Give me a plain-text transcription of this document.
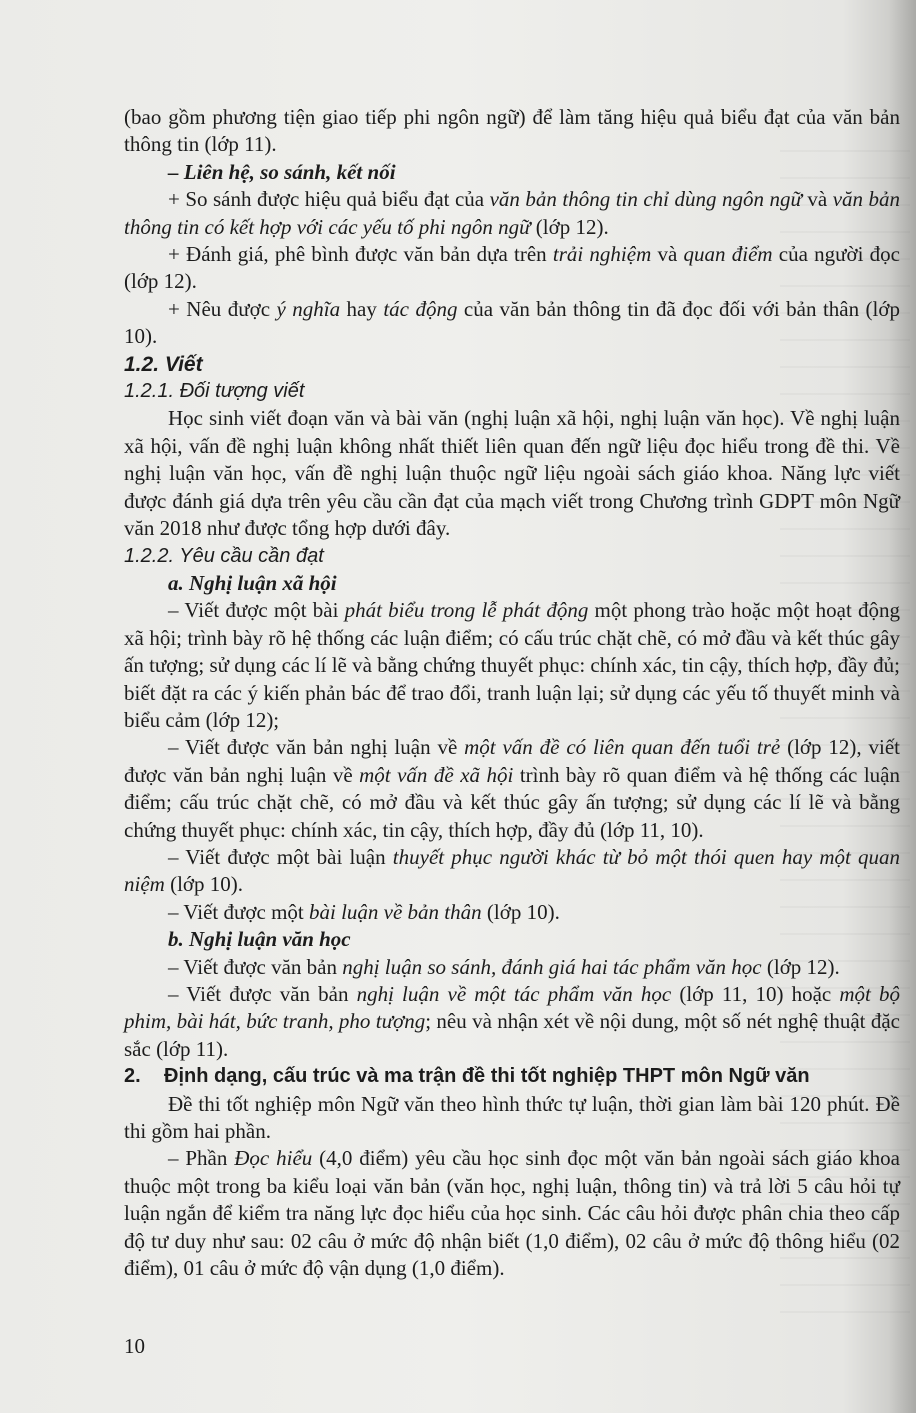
(bao gồm phương tiện giao tiếp phi ngôn ngữ) để làm tăng hiệu quả biểu đạt của văn bản thông tin (lớp 11).

– Liên hệ, so sánh, kết nối

+ So sánh được hiệu quả biểu đạt của văn bản thông tin chỉ dùng ngôn ngữ và văn bản thông tin có kết hợp với các yếu tố phi ngôn ngữ (lớp 12).

+ Đánh giá, phê bình được văn bản dựa trên trải nghiệm và quan điểm của người đọc (lớp 12).

+ Nêu được ý nghĩa hay tác động của văn bản thông tin đã đọc đối với bản thân (lớp 10).

1.2. Viết

1.2.1. Đối tượng viết

Học sinh viết đoạn văn và bài văn (nghị luận xã hội, nghị luận văn học). Về nghị luận xã hội, vấn đề nghị luận không nhất thiết liên quan đến ngữ liệu đọc hiểu trong đề thi. Về nghị luận văn học, vấn đề nghị luận thuộc ngữ liệu ngoài sách giáo khoa. Năng lực viết được đánh giá dựa trên yêu cầu cần đạt của mạch viết trong Chương trình GDPT môn Ngữ văn 2018 như được tổng hợp dưới đây.

1.2.2. Yêu cầu cần đạt

a. Nghị luận xã hội

– Viết được một bài phát biểu trong lễ phát động một phong trào hoặc một hoạt động xã hội; trình bày rõ hệ thống các luận điểm; có cấu trúc chặt chẽ, có mở đầu và kết thúc gây ấn tượng; sử dụng các lí lẽ và bằng chứng thuyết phục: chính xác, tin cậy, thích hợp, đầy đủ; biết đặt ra các ý kiến phản bác để trao đổi, tranh luận lại; sử dụng các yếu tố thuyết minh và biểu cảm (lớp 12);

– Viết được văn bản nghị luận về một vấn đề có liên quan đến tuổi trẻ (lớp 12), viết được văn bản nghị luận về một vấn đề xã hội trình bày rõ quan điểm và hệ thống các luận điểm; cấu trúc chặt chẽ, có mở đầu và kết thúc gây ấn tượng; sử dụng các lí lẽ và bằng chứng thuyết phục: chính xác, tin cậy, thích hợp, đầy đủ (lớp 11, 10).

– Viết được một bài luận thuyết phục người khác từ bỏ một thói quen hay một quan niệm (lớp 10).

– Viết được một bài luận về bản thân (lớp 10).

b. Nghị luận văn học

– Viết được văn bản nghị luận so sánh, đánh giá hai tác phẩm văn học (lớp 12).

– Viết được văn bản nghị luận về một tác phẩm văn học (lớp 11, 10) hoặc một bộ phim, bài hát, bức tranh, pho tượng; nêu và nhận xét về nội dung, một số nét nghệ thuật đặc sắc (lớp 11).

2. Định dạng, cấu trúc và ma trận đề thi tốt nghiệp THPT môn Ngữ văn

Đề thi tốt nghiệp môn Ngữ văn theo hình thức tự luận, thời gian làm bài 120 phút. Đề thi gồm hai phần.

– Phần Đọc hiểu (4,0 điểm) yêu cầu học sinh đọc một văn bản ngoài sách giáo khoa thuộc một trong ba kiểu loại văn bản (văn học, nghị luận, thông tin) và trả lời 5 câu hỏi tự luận ngắn để kiểm tra năng lực đọc hiểu của học sinh. Các câu hỏi được phân chia theo cấp độ tư duy như sau: 02 câu ở mức độ nhận biết (1,0 điểm), 02 câu ở mức độ thông hiểu (02 điểm), 01 câu ở mức độ vận dụng (1,0 điểm).

10
